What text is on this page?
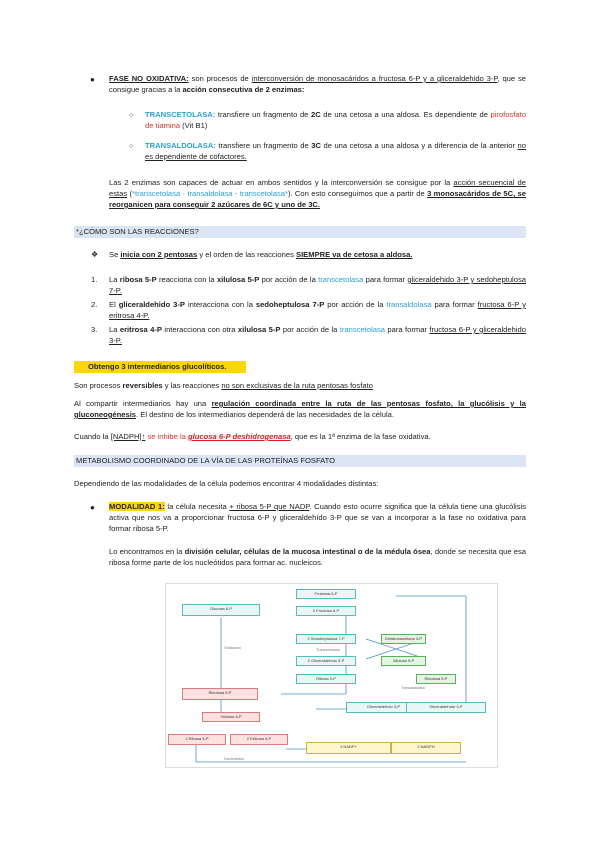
● FASE NO OXIDATIVA: son procesos de interconversión de monosacáridos a fructosa 6-P y a gliceraldehido 3-P, que se consigue gracias a la acción consecutiva de 2 enzimas:
○ TRANSCETOLASA: transfiere un fragmento de 2C de una cetosa a una aldosa. Es dependiente de pirofosfato de tiamina (Vit B1)
○ TRANSALDOLASA: transfiere un fragmento de 3C de una cetosa a una aldosa y a diferencia de la anterior no es dependiente de cofactores.
Las 2 enzimas son capaces de actuar en ambos sentidos y la interconversión se consigue por la acción secuencial de estas (*transcetolasa - transaldolasa - transcetolasa*). Con esto conseguimos que a partir de 3 monosacáridos de 5C, se reorganicen para conseguir 2 azúcares de 6C y uno de 3C.
*¿CÓMO SON LAS REACCIONES?
❖ Se inicia con 2 pentosas y el orden de las reacciones SIEMPRE va de cetosa a aldosa.
1. La ribosa 5-P reacciona con la xilulosa 5-P por acción de la transcetolasa para formar gliceraldehido 3-P y sedoheptulosa 7-P.
2. El gliceraldehido 3-P interacciona con la sedoheptulosa 7-P por acción de la transaldolasa para formar fructosa 6-P y eritrosa 4-P.
3. La eritrosa 4-P interacciona con otra xilulosa 5-P por acción de la transcetolasa para formar fructosa 6-P y gliceraldehido 3-P.
Obtengo 3 intermediarios glucolíticos.
Son procesos reversibles y las reacciones no son exclusivas de la ruta pentosas fosfato
Al compartir intermediarios hay una regulación coordinada entre la ruta de las pentosas fosfato, la glucólisis y la gluconeogénesis. El destino de los intermediarios dependerá de las necesidades de la célula.
Cuando la [NADPH]↑ se inhibe la glucosa 6-P deshidrogenasa, que es la 1ª enzima de la fase oxidativa.
METABOLISMO COORDINADO DE LA VÍA DE LAS PROTEÍNAS FOSFATO
Dependiendo de las modalidades de la célula podemos encontrar 4 modalidades distintas:
● MODALIDAD 1: la célula necesita + ribosa 5-P que NADP. Cuando esto ocurre significa que la célula tiene una glucólisis activa que nos va a proporcionar fructosa 6-P y gliceraldehído 3-P que se van a incorporar a la fase no oxidativa para formar ribosa 5-P.
Lo encontramos en la división celular, células de la mucosa intestinal o de la médula ósea, donde se necesita que esa ribosa forme parte de los nucleótidos para formar ac. nucleicos.
Glucosa 6-P
Oxidación
Ribulosa 5-P
Xilulosa 5-P
2 Ribosa 5-P	2 Eritrosa 4-P
Nucleótidos
Fructosa 6-P
2 Fructosa 6-P
2 Sedoheptulosa 7-P
2 Gliceraldehído 3-P
Ribosa 5-P
Dihidroxiacetona 3-P
Xilulosa 5-P
Ribulosa 5-P
Transcetolasa
Transaldolasa
Gliceraldehído 3-P	Gliceraldehído 3-P
2 NADP+	2 NADPH
